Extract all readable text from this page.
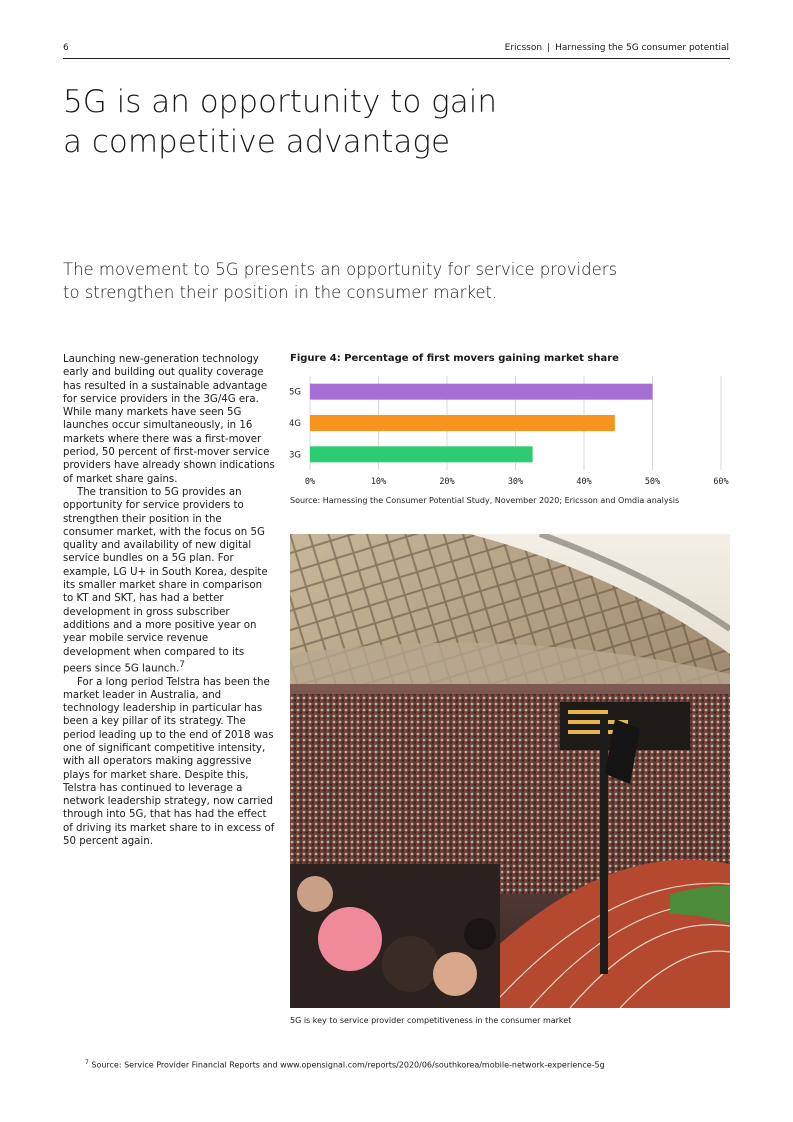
6	Ericsson | Harnessing the 5G consumer potential
5G is an opportunity to gain
a competitive advantage

The movement to 5G presents an opportunity for service providers
to strengthen their position in the consumer market.

Launching new-generation technology early and building out quality coverage has resulted in a sustainable advantage for service providers in the 3G/4G era. While many markets have seen 5G launches occur simultaneously, in 16 markets where there was a first-mover period, 50 percent of first-mover service providers have already shown indications of market share gains.

The transition to 5G provides an opportunity for service providers to strengthen their position in the consumer market, with the focus on 5G quality and availability of new digital service bundles on a 5G plan. For example, LG U+ in South Korea, despite its smaller market share in comparison to KT and SKT, has had a better development in gross subscriber additions and a more positive year on year mobile service revenue development when compared to its peers since 5G launch.$^7$

For a long period Telstra has been the market leader in Australia, and technology leadership in particular has been a key pillar of its strategy. The period leading up to the end of 2018 was one of significant competitive intensity, with all operators making aggressive plays for market share. Despite this, Telstra has continued to leverage a network leadership strategy, now carried through into 5G, that has had the effect of driving its market share to in excess of 50 percent again.

Figure 4: Percentage of first movers gaining market share
5G
4G
3G
0%	10%	20%	30%	40%	50%	60%
Source: Harnessing the Consumer Potential Study, November 2020; Ericsson and Omdia analysis
5G is key to service provider competitiveness in the consumer market
$^7$ Source: Service Provider Financial Reports and www.opensignal.com/reports/2020/06/southkorea/mobile-network-experience-5g
